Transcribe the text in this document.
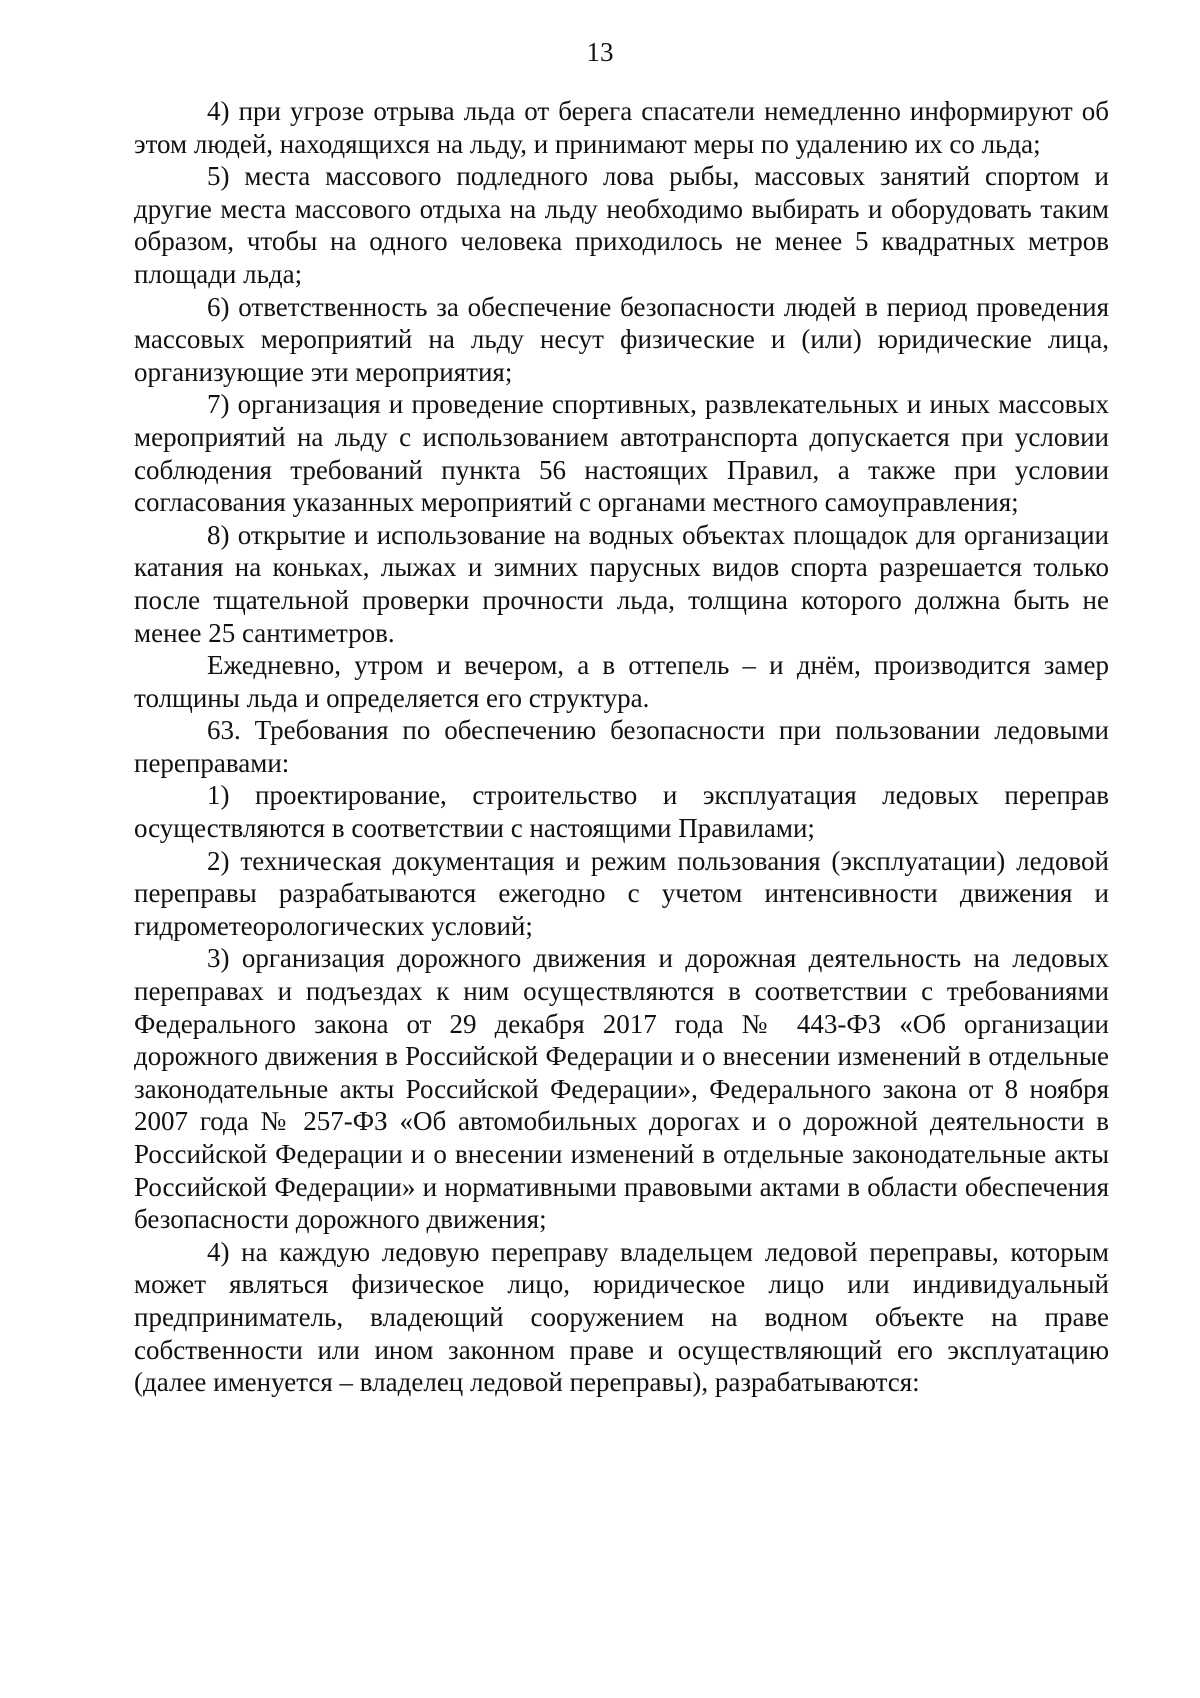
13

4) при угрозе отрыва льда от берега спасатели немедленно информируют об этом людей, находящихся на льду, и принимают меры по удалению их со льда;

5) места массового подледного лова рыбы, массовых занятий спортом и другие места массового отдыха на льду необходимо выбирать и оборудовать таким образом, чтобы на одного человека приходилось не менее 5 квадратных метров площади льда;

6) ответственность за обеспечение безопасности людей в период проведения массовых мероприятий на льду несут физические и (или) юридические лица, организующие эти мероприятия;

7) организация и проведение спортивных, развлекательных и иных массовых мероприятий на льду с использованием автотранспорта допускается при условии соблюдения требований пункта 56 настоящих Правил, а также при условии согласования указанных мероприятий с органами местного самоуправления;

8) открытие и использование на водных объектах площадок для организации катания на коньках, лыжах и зимних парусных видов спорта разрешается только после тщательной проверки прочности льда, толщина которого должна быть не менее 25 сантиметров.

Ежедневно, утром и вечером, а в оттепель – и днём, производится замер толщины льда и определяется его структура.

63. Требования по обеспечению безопасности при пользовании ледовыми переправами:

1) проектирование, строительство и эксплуатация ледовых переправ осуществляются в соответствии с настоящими Правилами;

2) техническая документация и режим пользования (эксплуатации) ледовой переправы разрабатываются ежегодно с учетом интенсивности движения и гидрометеорологических условий;

3) организация дорожного движения и дорожная деятельность на ледовых переправах и подъездах к ним осуществляются в соответствии с требованиями Федерального закона от 29 декабря 2017 года № 443-ФЗ «Об организации дорожного движения в Российской Федерации и о внесении изменений в отдельные законодательные акты Российской Федерации», Федерального закона от 8 ноября 2007 года № 257-ФЗ «Об автомобильных дорогах и о дорожной деятельности в Российской Федерации и о внесении изменений в отдельные законодательные акты Российской Федерации» и нормативными правовыми актами в области обеспечения безопасности дорожного движения;

4) на каждую ледовую переправу владельцем ледовой переправы, которым может являться физическое лицо, юридическое лицо или индивидуальный предприниматель, владеющий сооружением на водном объекте на праве собственности или ином законном праве и осуществляющий его эксплуатацию (далее именуется – владелец ледовой переправы), разрабатываются:
